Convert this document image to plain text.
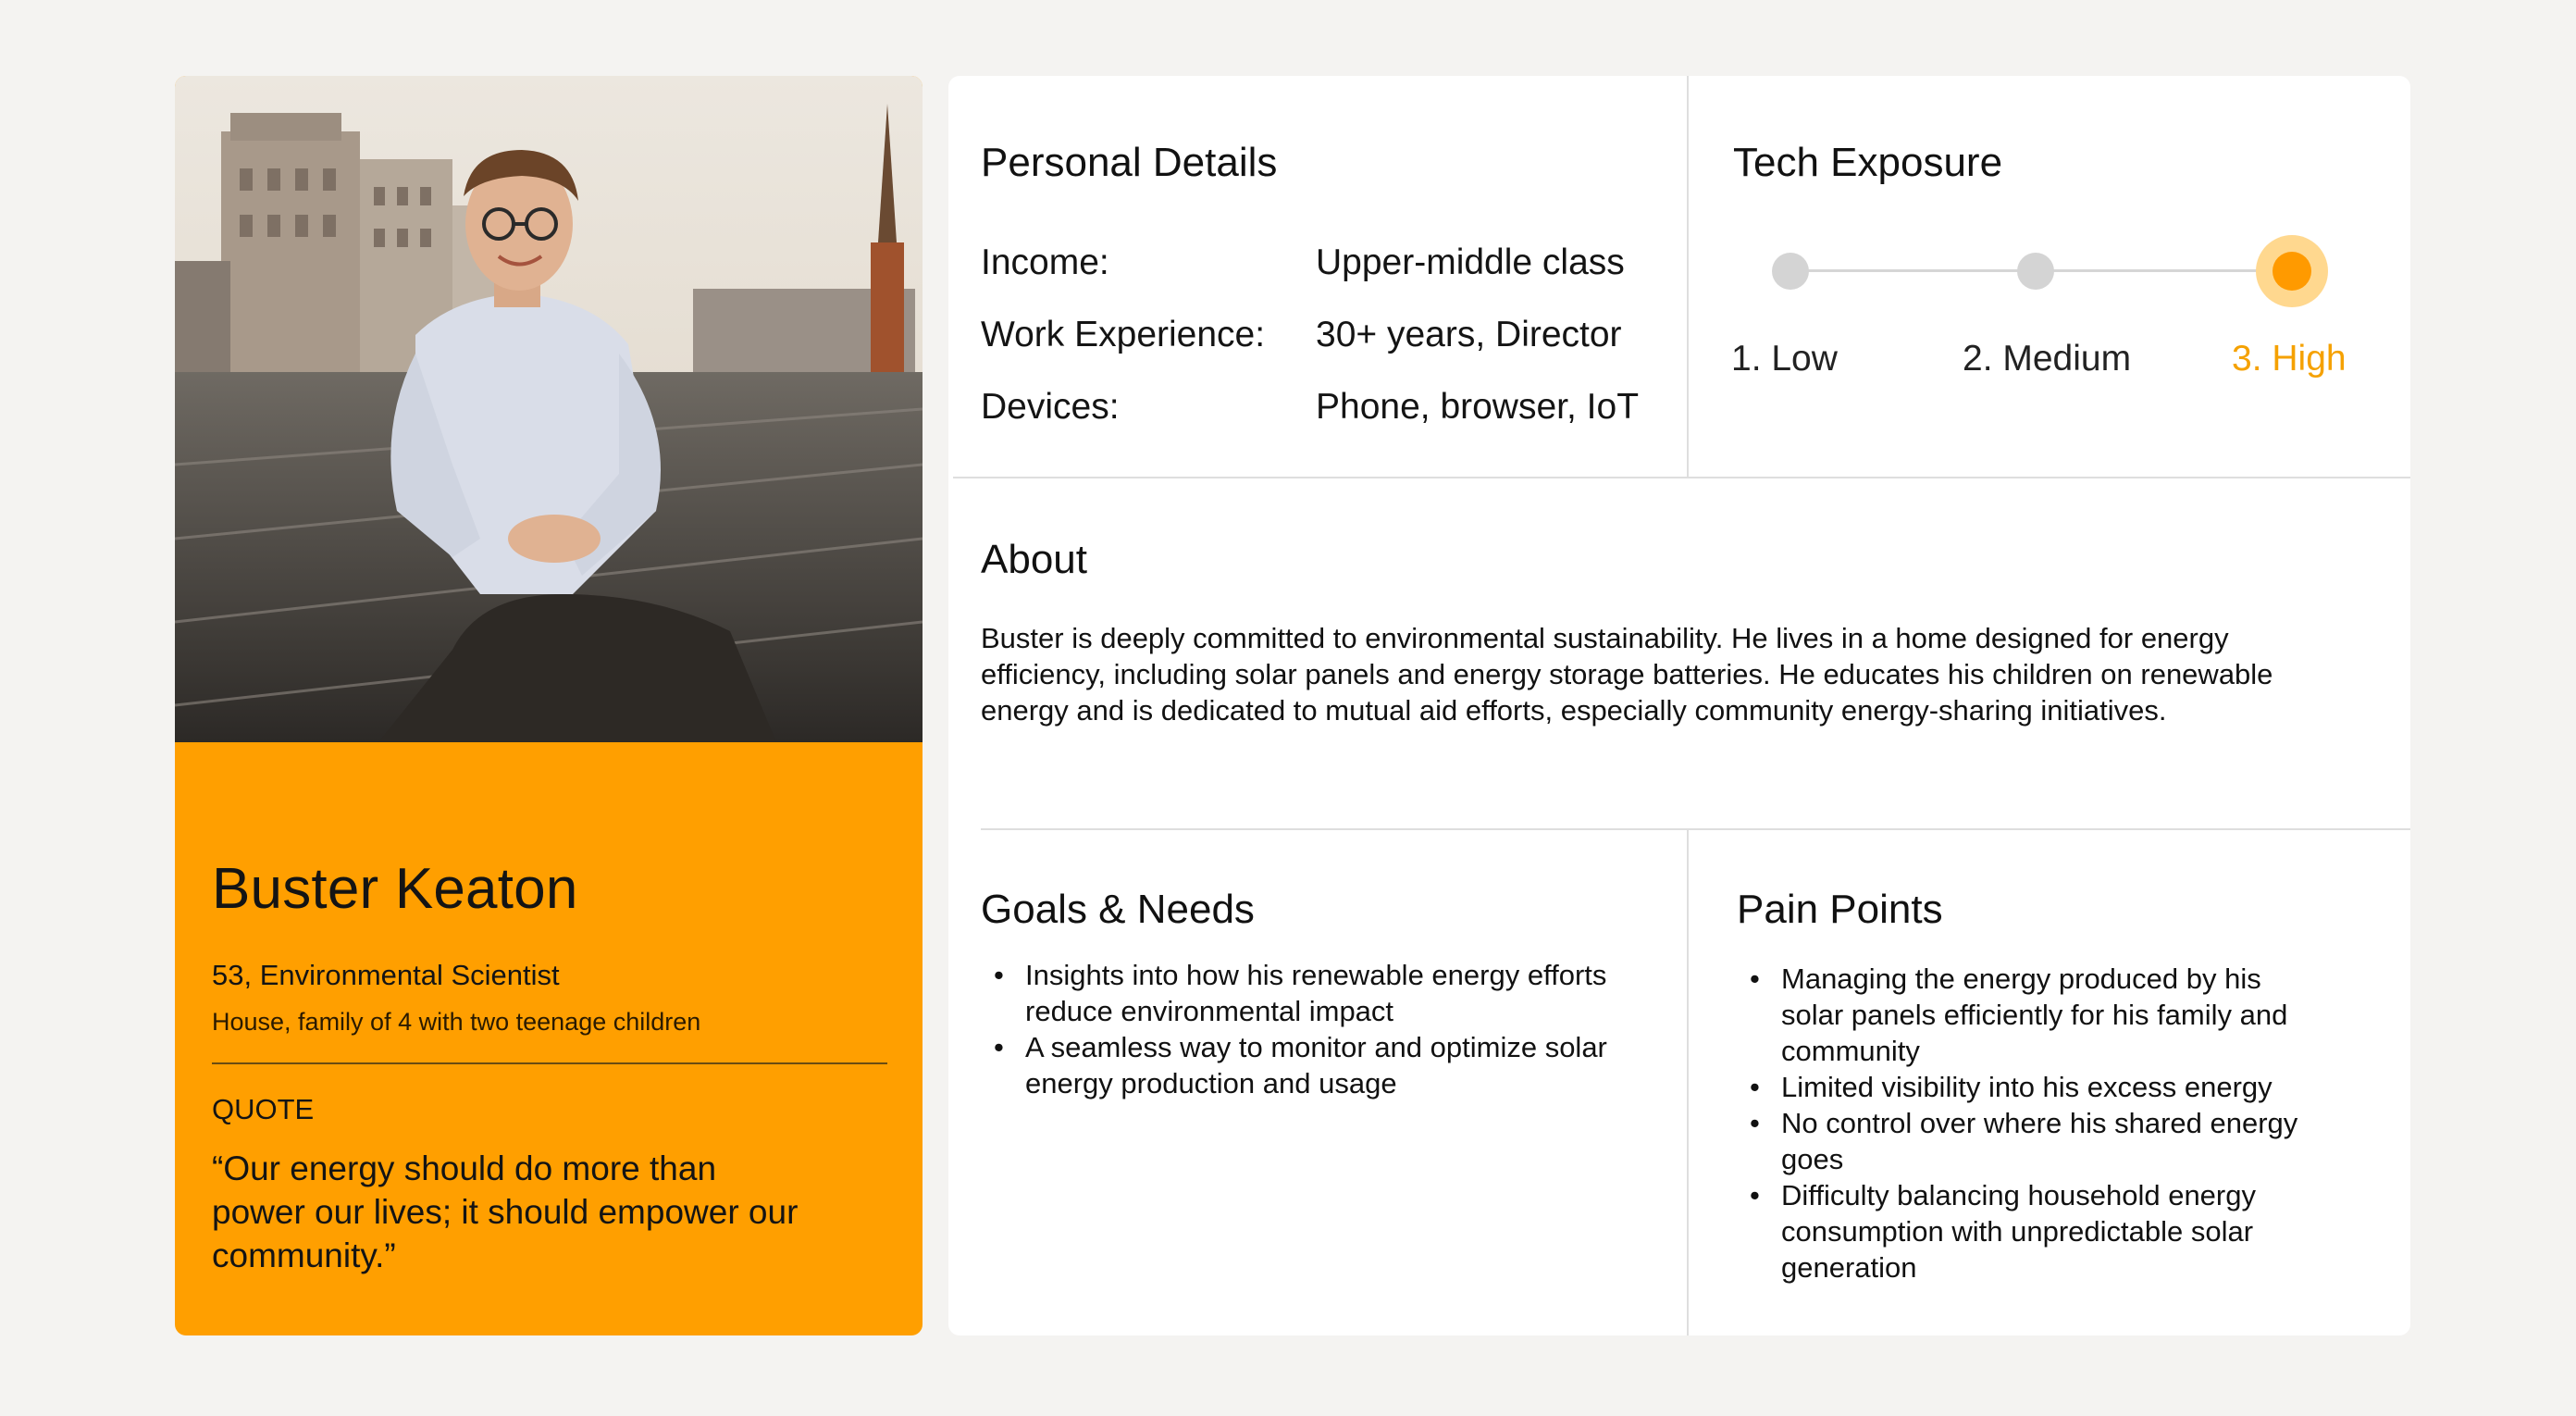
Buster Keaton
53, Environmental Scientist
House, family of 4 with two teenage children
QUOTE
“Our energy should do more than power our lives; it should empower our community.”
Personal Details
Income:	Upper-middle class
Work Experience: 30+ years, Director
Devices:	Phone, browser, IoT
Tech Exposure
1. Low	2. Medium	3. High
About
Buster is deeply committed to environmental sustainability. He lives in a home designed for energy efficiency, including solar panels and energy storage batteries. He educates his children on renewable energy and is dedicated to mutual aid efforts, especially community energy-sharing initiatives.
Goals & Needs
• Insights into how his renewable energy efforts reduce environmental impact
• A seamless way to monitor and optimize solar energy production and usage
Pain Points
• Managing the energy produced by his solar panels efficiently for his family and community
• Limited visibility into his excess energy
• No control over where his shared energy goes
• Difficulty balancing household energy consumption with unpredictable solar generation
